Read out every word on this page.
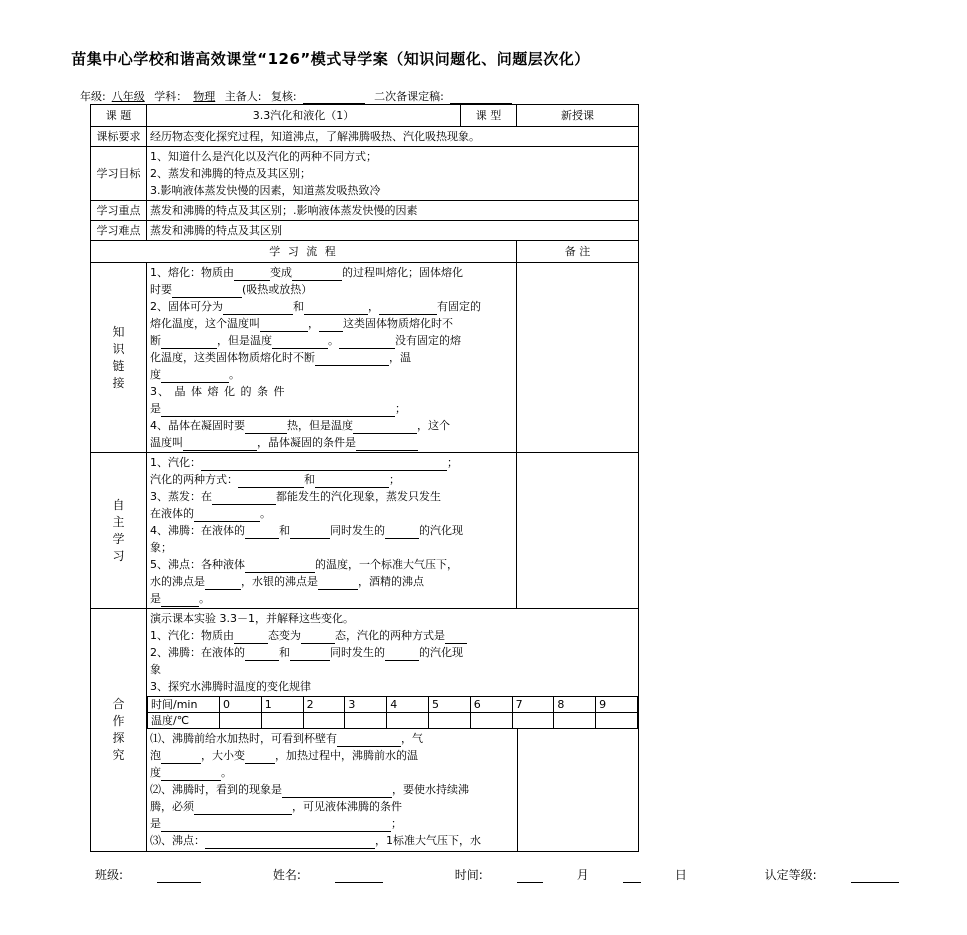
苗集中心学校和谐高效课堂“126”模式导学案（知识问题化、问题层次化）
年级: 八年级 学科： 物理 主备人: 复核:	二次备课定稿:
课 题	3.3汽化和液化（1）	课 型	新授课
课标要求	经历物态变化探究过程，知道沸点，了解沸腾吸热、汽化吸热现象。
学习目标	
1、知道什么是汽化以及汽化的两种不同方式；
2、蒸发和沸腾的特点及其区别；
3.影响液体蒸发快慢的因素，知道蒸发吸热致冷

学习重点	蒸发和沸腾的特点及其区别；.影响液体蒸发快慢的因素
学习难点	蒸发和沸腾的特点及其区别
学 习 流 程	备 注

知识链接

1、熔化：物质由	变成	的过程叫熔化；固体熔化
时要	(吸热或放热）
2、固体可分为	和	，	有固定的
熔化温度，这个温度叫	， 这类固体物质熔化时不
断	，但是温度	。	没有固定的熔
化温度，这类固体物质熔化时不断	，温
度	。
3、 晶 体 熔 化 的 条 件
是	；
4、晶体在凝固时要	热，但是温度	，这个
温度叫	，晶体凝固的条件是

自主学习

1、汽化：	；
汽化的两种方式：	和	；
3、蒸发：在	都能发生的汽化现象，蒸发只发生
在液体的	。
4、沸腾：在液体的	和	同时发生的	的汽化现
象；
5、沸点：各种液体	的温度，一个标准大气压下，
水的沸点是	，水银的沸点是	，酒精的沸点
是	。

合作探究

演示课本实验 3.3－1，并解释这些变化。
1、汽化：物质由	态变为	态，汽化的两种方式是
2、沸腾：在液体的	和	同时发生的	的汽化现
象
3、探究水沸腾时温度的变化规律
时间/min	0	1	2	3	4	5	6	7	8	9
温度/℃										
⑴、沸腾前给水加热时，可看到杯壁有	，气
泡	，大小变	，加热过程中，沸腾前水的温
度	。
⑵、沸腾时，看到的现象是	，要使水持续沸
腾，必须	，可见液体沸腾的条件
是	；
⑶、沸点：	，1标准大气压下，水
班级:	姓名:	时间:	月	日	认定等级:
